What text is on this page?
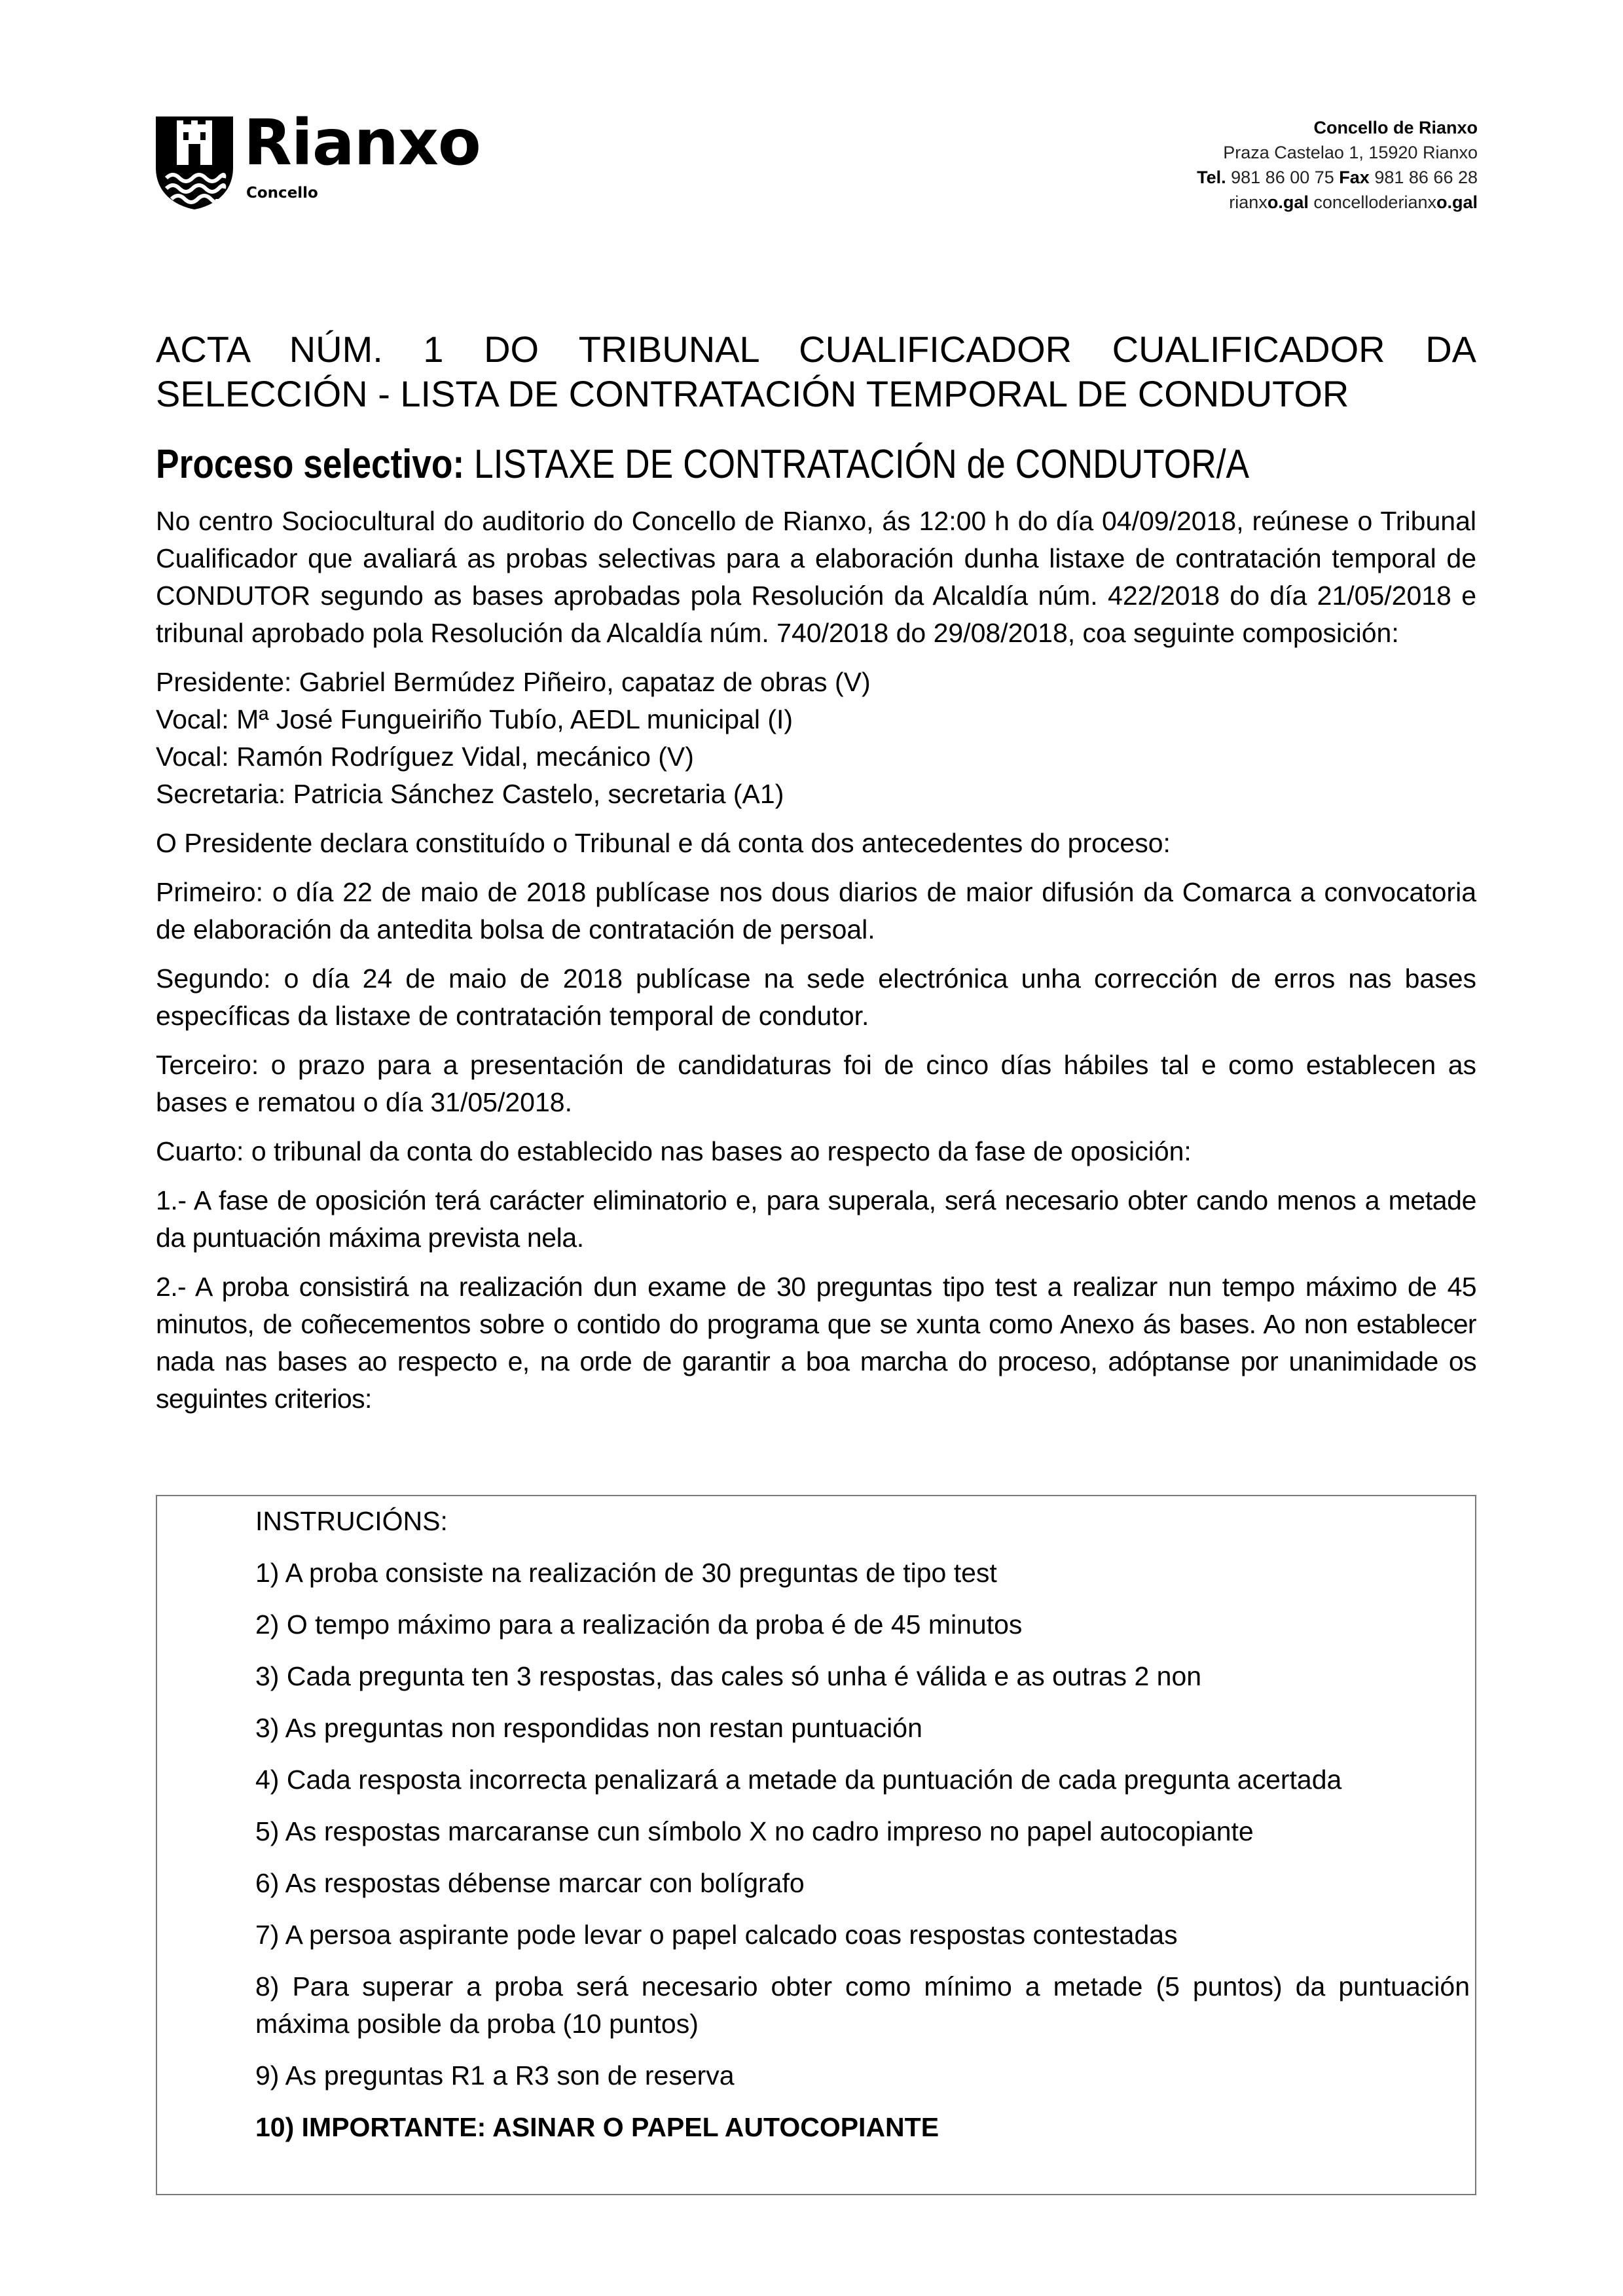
Rianxo
Concello
Concello de Rianxo
Praza Castelao 1, 15920 Rianxo
Tel. 981 86 00 75 Fax 981 86 66 28
rianxo.gal concelloderianxo.gal
ACTA NÚM. 1 DO TRIBUNAL CUALIFICADOR CUALIFICADOR DA SELECCIÓN - LISTA DE CONTRATACIÓN TEMPORAL DE CONDUTOR
Proceso selectivo: LISTAXE DE CONTRATACIÓN de CONDUTOR/A

No centro Sociocultural do auditorio do Concello de Rianxo, ás 12:00 h do día 04/09/2018, reúnese o Tribunal Cualificador que avaliará as probas selectivas para a elaboración dunha listaxe de contratación temporal de CONDUTOR segundo as bases aprobadas pola Resolución da Alcaldía núm. 422/2018 do día 21/05/2018 e tribunal aprobado pola Resolución da Alcaldía núm. 740/2018 do 29/08/2018, coa seguinte composición:

Presidente: Gabriel Bermúdez Piñeiro, capataz de obras (V)
Vocal: Mª José Fungueiriño Tubío, AEDL municipal (I)
Vocal: Ramón Rodríguez Vidal, mecánico (V)
Secretaria: Patricia Sánchez Castelo, secretaria (A1)

O Presidente declara constituído o Tribunal e dá conta dos antecedentes do proceso:

Primeiro: o día 22 de maio de 2018 publícase nos dous diarios de maior difusión da Comarca a convocatoria de elaboración da antedita bolsa de contratación de persoal.

Segundo: o día 24 de maio de 2018 publícase na sede electrónica unha corrección de erros nas bases específicas da listaxe de contratación temporal de condutor.

Terceiro: o prazo para a presentación de candidaturas foi de cinco días hábiles tal e como establecen as bases e rematou o día 31/05/2018.

Cuarto: o tribunal da conta do establecido nas bases ao respecto da fase de oposición:

1.- A fase de oposición terá carácter eliminatorio e, para superala, será necesario obter cando menos a metade da puntuación máxima prevista nela.

2.- A proba consistirá na realización dun exame de 30 preguntas tipo test a realizar nun tempo máximo de 45 minutos, de coñecementos sobre o contido do programa que se xunta como Anexo ás bases. Ao non establecer nada nas bases ao respecto e, na orde de garantir a boa marcha do proceso, adóptanse por unanimidade os seguintes criterios:

INSTRUCIÓNS:

1) A proba consiste na realización de 30 preguntas de tipo test

2) O tempo máximo para a realización da proba é de 45 minutos

3) Cada pregunta ten 3 respostas, das cales só unha é válida e as outras 2 non

3) As preguntas non respondidas non restan puntuación

4) Cada resposta incorrecta penalizará a metade da puntuación de cada pregunta acertada

5) As respostas marcaranse cun símbolo X no cadro impreso no papel autocopiante

6) As respostas débense marcar con bolígrafo

7) A persoa aspirante pode levar o papel calcado coas respostas contestadas

8) Para superar a proba será necesario obter como mínimo a metade (5 puntos) da puntuación máxima posible da proba (10 puntos)

9) As preguntas R1 a R3 son de reserva

10) IMPORTANTE: ASINAR O PAPEL AUTOCOPIANTE
